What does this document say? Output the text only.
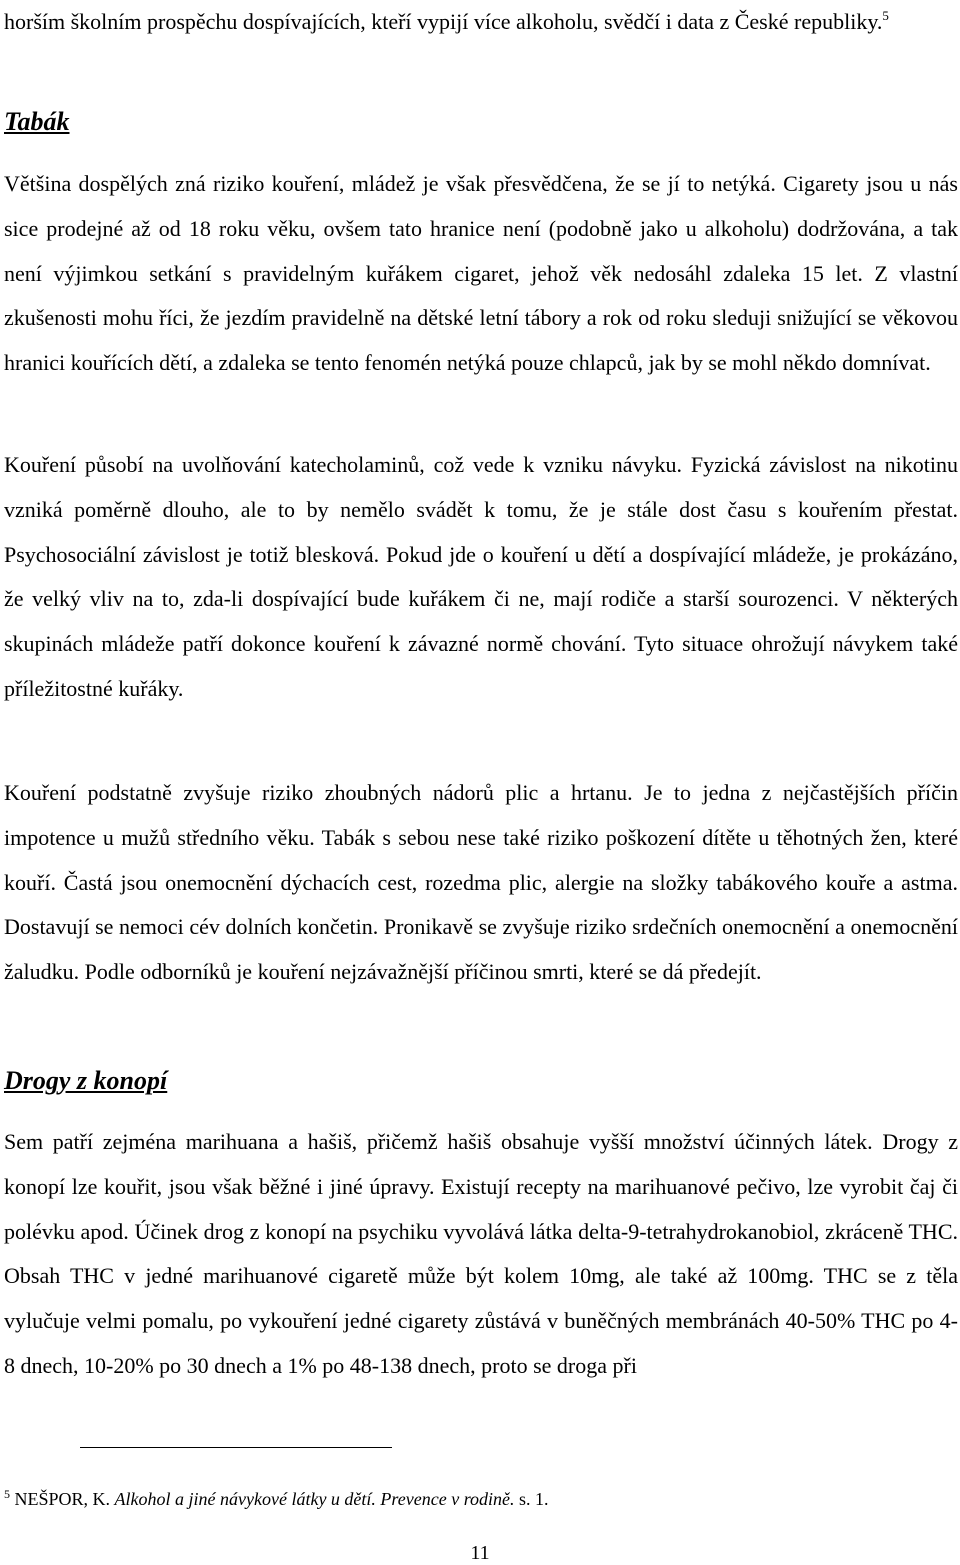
horším školním prospěchu dospívajících, kteří vypijí více alkoholu, svědčí i data z České republiky.$^5$

Tabák

Většina dospělých zná riziko kouření, mládež je však přesvědčena, že se jí to netýká. Cigarety jsou u nás sice prodejné až od 18 roku věku, ovšem tato hranice není (podobně jako u alkoholu) dodržována, a tak není výjimkou setkání s pravidelným kuřákem cigaret, jehož věk nedosáhl zdaleka 15 let. Z vlastní zkušenosti mohu říci, že jezdím pravidelně na dětské letní tábory a rok od roku sleduji snižující se věkovou hranici kouřících dětí, a zdaleka se tento fenomén netýká pouze chlapců, jak by se mohl někdo domnívat.

Kouření působí na uvolňování katecholaminů, což vede k vzniku návyku. Fyzická závislost na nikotinu vzniká poměrně dlouho, ale to by nemělo svádět k tomu, že je stále dost času s kouřením přestat. Psychosociální závislost je totiž blesková. Pokud jde o kouření u dětí a dospívající mládeže, je prokázáno, že velký vliv na to, zda-li dospívající bude kuřákem či ne, mají rodiče a starší sourozenci. V některých skupinách mládeže patří dokonce kouření k závazné normě chování. Tyto situace ohrožují návykem také příležitostné kuřáky.

Kouření podstatně zvyšuje riziko zhoubných nádorů plic a hrtanu. Je to jedna z nejčastějších příčin impotence u mužů středního věku. Tabák s sebou nese také riziko poškození dítěte u těhotných žen, které kouří. Častá jsou onemocnění dýchacích cest, rozedma plic, alergie na složky tabákového kouře a astma. Dostavují se nemoci cév dolních končetin. Pronikavě se zvyšuje riziko srdečních onemocnění a onemocnění žaludku. Podle odborníků je kouření nejzávažnější příčinou smrti, které se dá předejít.

Drogy z konopí

Sem patří zejména marihuana a hašiš, přičemž hašiš obsahuje vyšší množství účinných látek. Drogy z konopí lze kouřit, jsou však běžné i jiné úpravy. Existují recepty na marihuanové pečivo, lze vyrobit čaj či polévku apod. Účinek drog z konopí na psychiku vyvolává látka delta-9-tetrahydrokanobiol, zkráceně THC. Obsah THC v jedné marihuanové cigaretě může být kolem 10mg, ale také až 100mg. THC se z těla vylučuje velmi pomalu, po vykouření jedné cigarety zůstává v buněčných membránách 40-50% THC po 4-8 dnech, 10-20% po 30 dnech a 1% po 48-138 dnech, proto se droga při

$^5$ NEŠPOR, K. Alkohol a jiné návykové látky u dětí. Prevence v rodině. s. 1.
11
